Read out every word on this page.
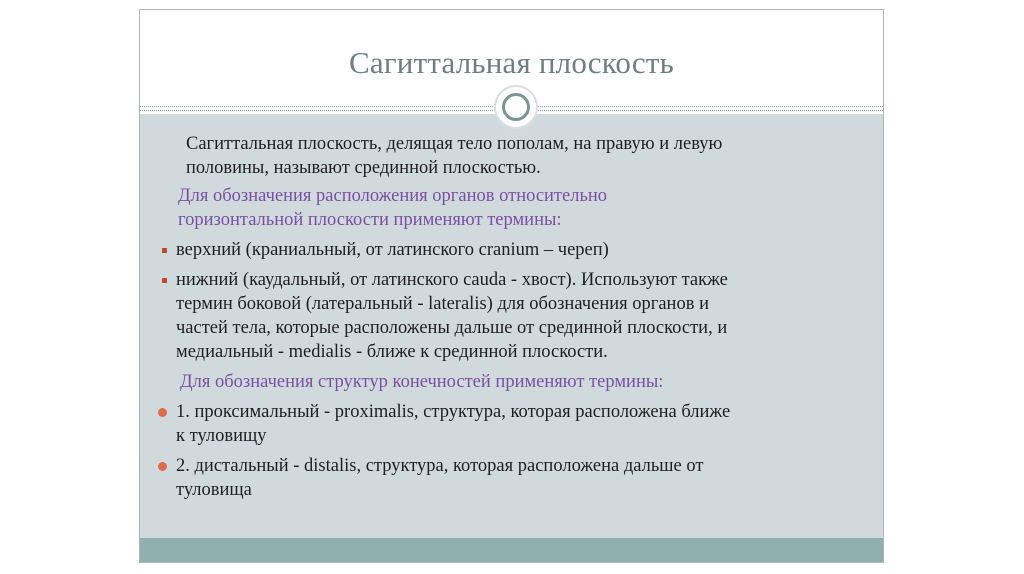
Сагиттальная плоскость
Сагиттальная плоскость, делящая тело пополам, на правую и левую
половины, называют срединной плоскостью.
Для обозначения расположения органов относительно
горизонтальной плоскости применяют термины:
верхний (краниальный, от латинского cranium – череп)
нижний (каудальный, от латинского cauda - хвост). Используют также
термин боковой (латеральный - lateralis) для обозначения органов и
частей тела, которые расположены дальше от срединной плоскости, и
медиальный - medialis - ближе к срединной плоскости.
Для обозначения структур конечностей применяют термины:
1. проксимальный - proximalis, структура, которая расположена ближе
к туловищу
2. дистальный - distalis, структура, которая расположена дальше от
туловища
